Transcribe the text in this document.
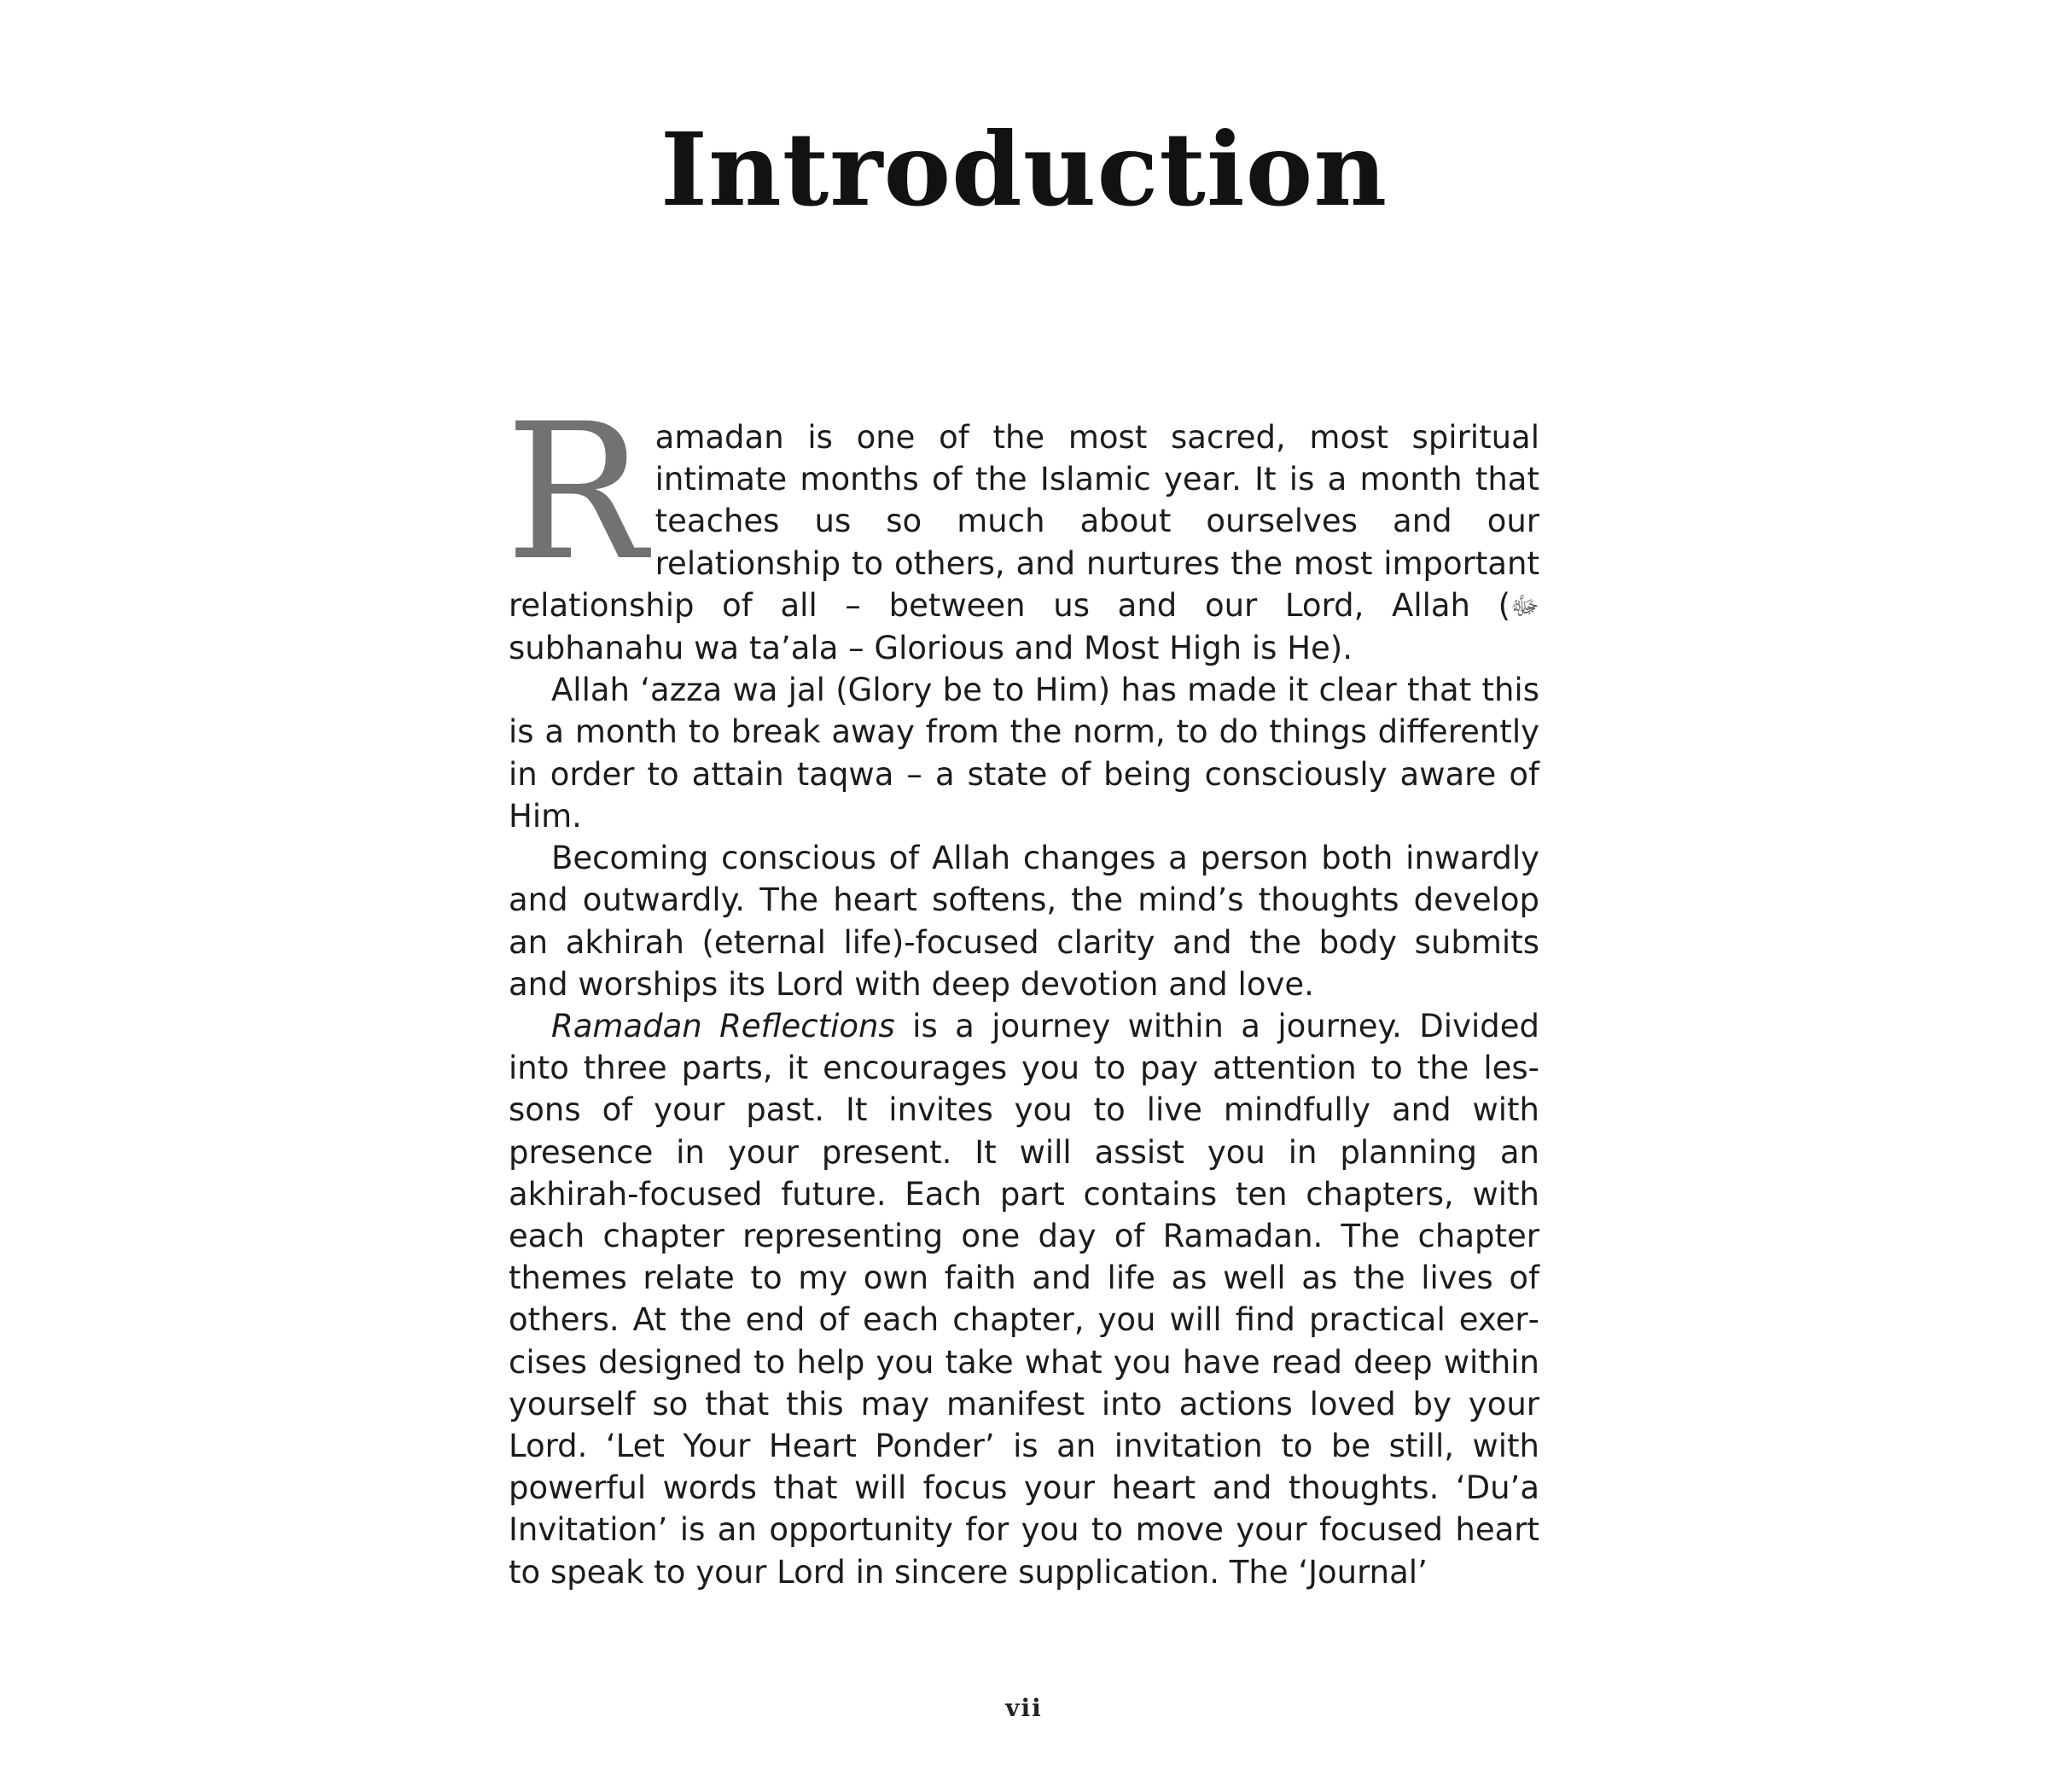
Introduction

Ramadan is one of the most sacred, most spiritual intimate months of the Islamic year. It is a month that teaches us so much about ourselves and our relationship to others, and nurtures the most important relationship of all – between us and our Lord, Allah (ﷻ subhanahu wa ta’ala – Glorious and Most High is He).

Allah ‘azza wa jal (Glory be to Him) has made it clear that this is a month to break away from the norm, to do things differently in order to attain taqwa – a state of being consciously aware of Him.

Becoming conscious of Allah changes a person both inwardly and outwardly. The heart softens, the mind’s thoughts develop an akhirah (eternal life)-focused clarity and the body submits and worships its Lord with deep devotion and love.

Ramadan Reflections is a journey within a journey. Divided into three parts, it encourages you to pay attention to the lessons of your past. It invites you to live mindfully and with presence in your present. It will assist you in planning an akhirah-focused future. Each part contains ten chapters, with each chapter representing one day of Ramadan. The chapter themes relate to my own faith and life as well as the lives of others. At the end of each chapter, you will find practical exercises designed to help you take what you have read deep within yourself so that this may manifest into actions loved by your Lord. ‘Let Your Heart Ponder’ is an invitation to be still, with powerful words that will focus your heart and thoughts. ‘Du’a Invitation’ is an opportunity for you to move your focused heart to speak to your Lord in sincere supplication. The ‘Journal’

vii
